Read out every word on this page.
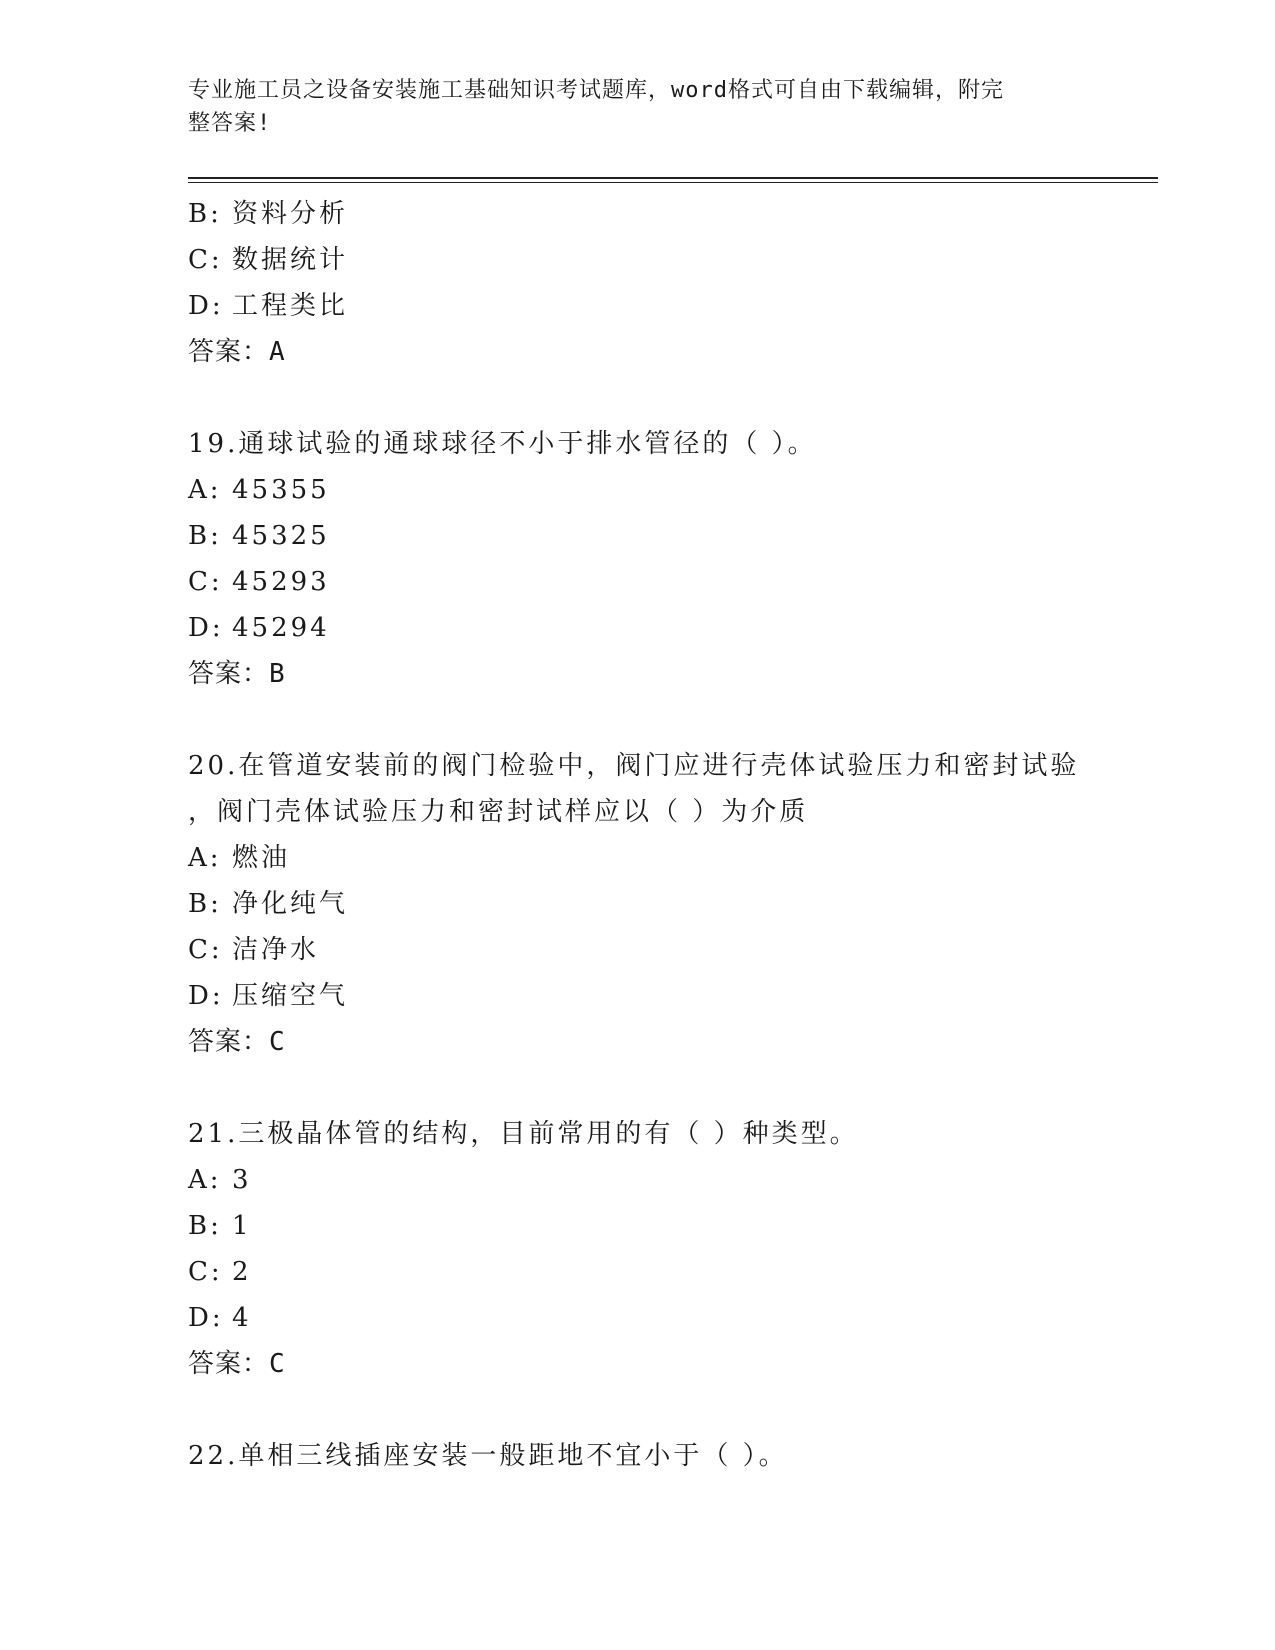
专业施工员之设备安装施工基础知识考试题库，word格式可自由下载编辑，附完
整答案!
B: 资料分析
C: 数据统计
D: 工程类比
答案：A
19.通球试验的通球球径不小于排水管径的（ ）。
A: 45355
B: 45325
C: 45293
D: 45294
答案：B
20.在管道安装前的阀门检验中，阀门应进行壳体试验压力和密封试验
，阀门壳体试验压力和密封试样应以（ ）为介质
A: 燃油
B: 净化纯气
C: 洁净水
D: 压缩空气
答案：C
21.三极晶体管的结构，目前常用的有（ ）种类型。
A: 3
B: 1
C: 2
D: 4
答案：C
22.单相三线插座安装一般距地不宜小于（ ）。
